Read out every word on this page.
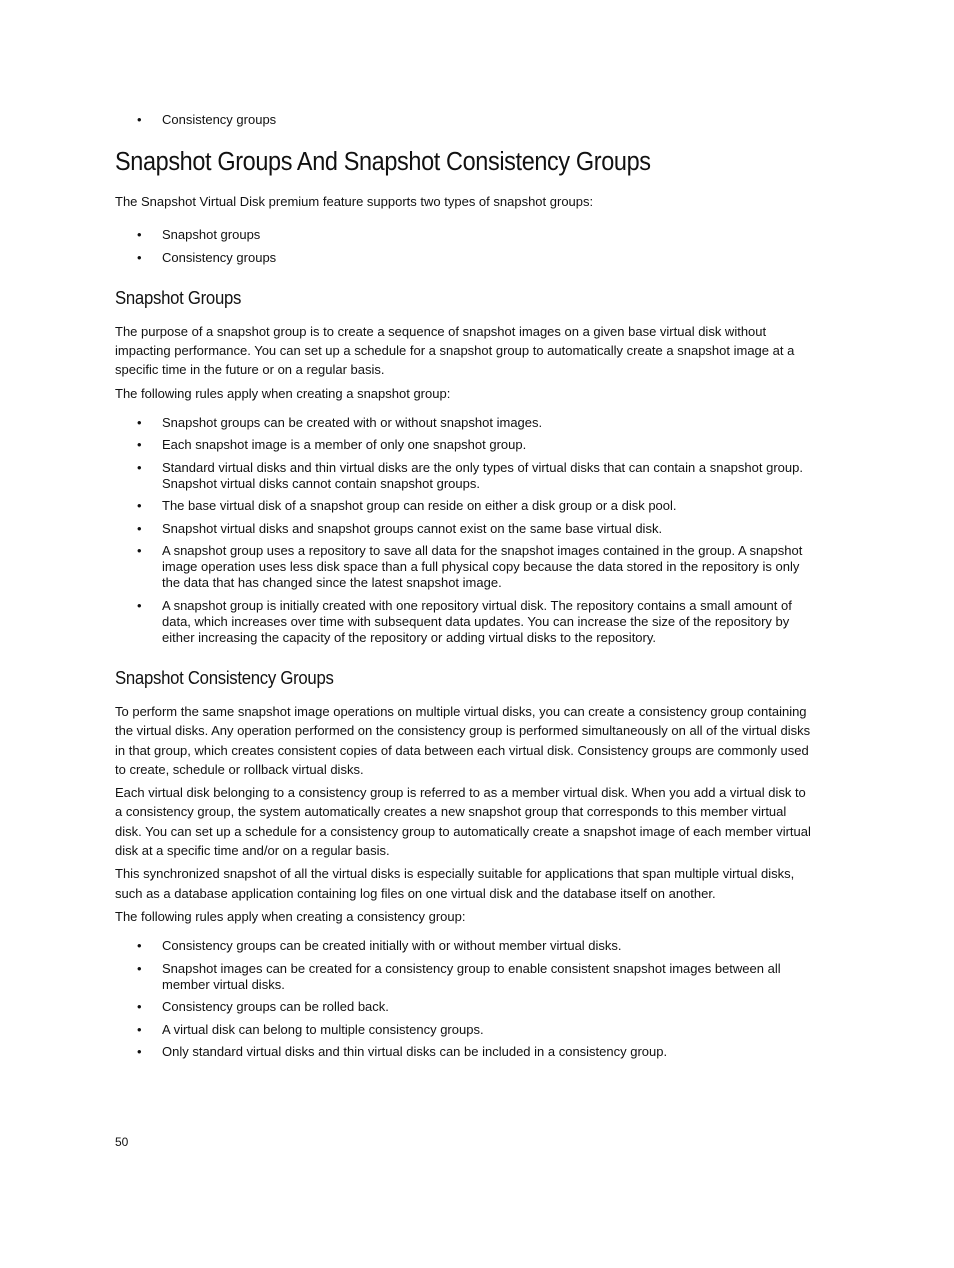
• Consistency groups
Snapshot Groups And Snapshot Consistency Groups

The Snapshot Virtual Disk premium feature supports two types of snapshot groups:

• Snapshot groups
• Consistency groups
Snapshot Groups

The purpose of a snapshot group is to create a sequence of snapshot images on a given base virtual disk without impacting performance. You can set up a schedule for a snapshot group to automatically create a snapshot image at a specific time in the future or on a regular basis.

The following rules apply when creating a snapshot group:

• Snapshot groups can be created with or without snapshot images.
• Each snapshot image is a member of only one snapshot group.
• Standard virtual disks and thin virtual disks are the only types of virtual disks that can contain a snapshot group. Snapshot virtual disks cannot contain snapshot groups.
• The base virtual disk of a snapshot group can reside on either a disk group or a disk pool.
• Snapshot virtual disks and snapshot groups cannot exist on the same base virtual disk.
• A snapshot group uses a repository to save all data for the snapshot images contained in the group. A snapshot image operation uses less disk space than a full physical copy because the data stored in the repository is only the data that has changed since the latest snapshot image.
• A snapshot group is initially created with one repository virtual disk. The repository contains a small amount of data, which increases over time with subsequent data updates. You can increase the size of the repository by either increasing the capacity of the repository or adding virtual disks to the repository.
Snapshot Consistency Groups

To perform the same snapshot image operations on multiple virtual disks, you can create a consistency group containing the virtual disks. Any operation performed on the consistency group is performed simultaneously on all of the virtual disks in that group, which creates consistent copies of data between each virtual disk. Consistency groups are commonly used to create, schedule or rollback virtual disks.

Each virtual disk belonging to a consistency group is referred to as a member virtual disk. When you add a virtual disk to a consistency group, the system automatically creates a new snapshot group that corresponds to this member virtual disk. You can set up a schedule for a consistency group to automatically create a snapshot image of each member virtual disk at a specific time and/or on a regular basis.

This synchronized snapshot of all the virtual disks is especially suitable for applications that span multiple virtual disks, such as a database application containing log files on one virtual disk and the database itself on another.

The following rules apply when creating a consistency group:

• Consistency groups can be created initially with or without member virtual disks.
• Snapshot images can be created for a consistency group to enable consistent snapshot images between all member virtual disks.
• Consistency groups can be rolled back.
• A virtual disk can belong to multiple consistency groups.
• Only standard virtual disks and thin virtual disks can be included in a consistency group.
50
